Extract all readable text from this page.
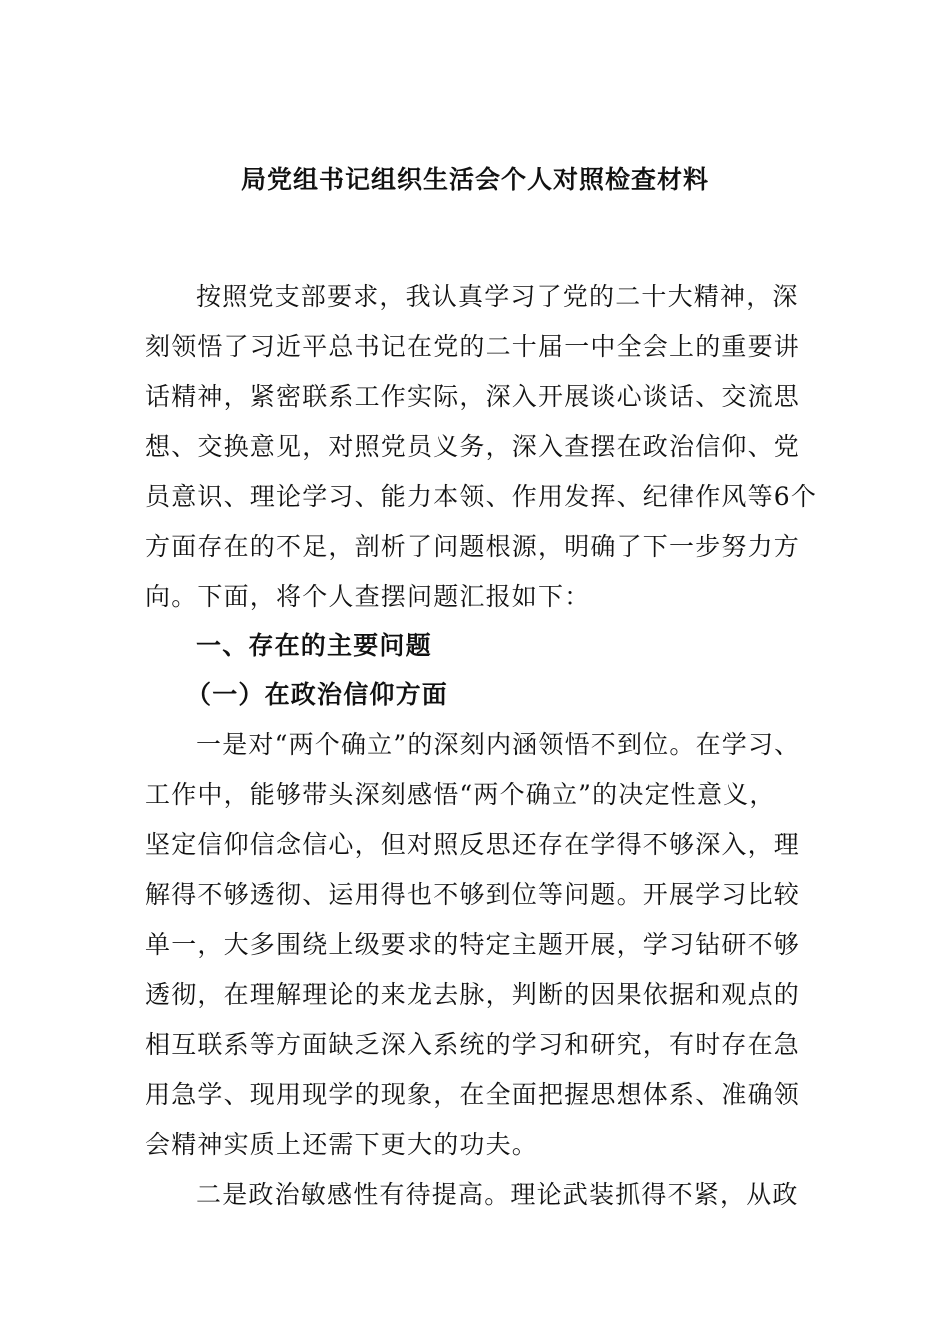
局党组书记组织生活会个人对照检查材料
按照党支部要求，我认真学习了党的二十大精神，深
刻领悟了习近平总书记在党的二十届一中全会上的重要讲
话精神，紧密联系工作实际，深入开展谈心谈话、交流思
想、交换意见，对照党员义务，深入查摆在政治信仰、党
员意识、理论学习、能力本领、作用发挥、纪律作风等6个
方面存在的不足，剖析了问题根源，明确了下一步努力方
向。下面，将个人查摆问题汇报如下：
一、存在的主要问题
（一）在政治信仰方面
一是对“两个确立”的深刻内涵领悟不到位。在学习、
工作中，能够带头深刻感悟“两个确立”的决定性意义，
坚定信仰信念信心，但对照反思还存在学得不够深入，理
解得不够透彻、运用得也不够到位等问题。开展学习比较
单一，大多围绕上级要求的特定主题开展，学习钻研不够
透彻，在理解理论的来龙去脉，判断的因果依据和观点的
相互联系等方面缺乏深入系统的学习和研究，有时存在急
用急学、现用现学的现象，在全面把握思想体系、准确领
会精神实质上还需下更大的功夫。
二是政治敏感性有待提高。理论武装抓得不紧，从政
